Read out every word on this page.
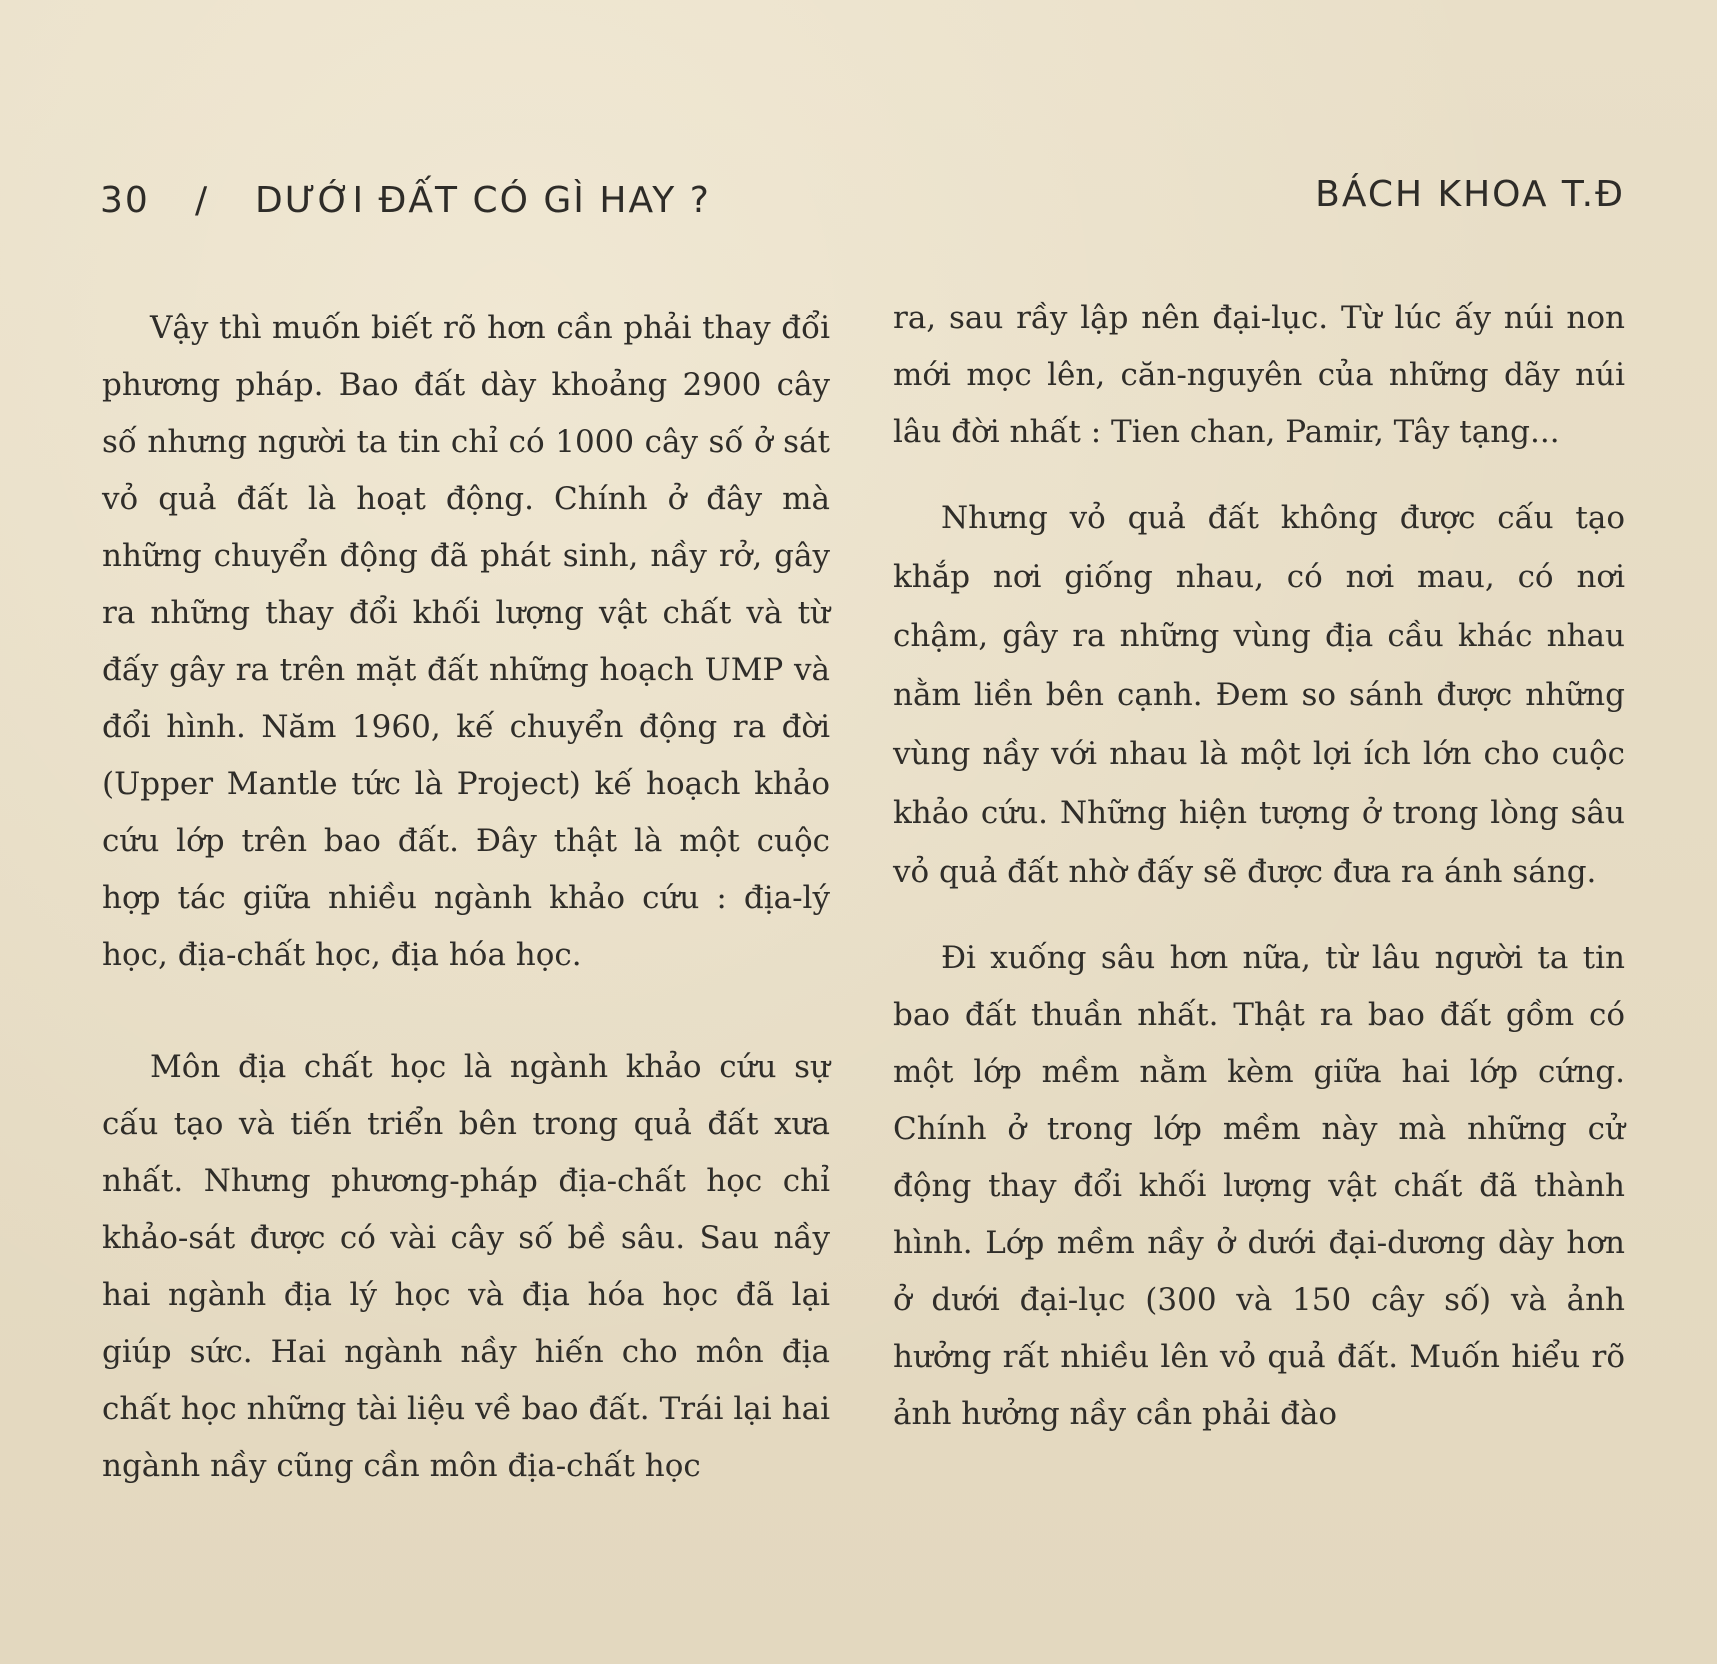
30 / DƯỚI ĐẤT CÓ GÌ HAY ?	BÁCH KHOA T.Đ

Vậy thì muốn biết rõ hơn cần phải thay đổi phương pháp. Bao đất dày khoảng 2900 cây số nhưng người ta tin chỉ có 1000 cây số ở sát vỏ quả đất là hoạt động. Chính ở đây mà những chuyển động đã phát sinh, nầy rở, gây ra những thay đổi khối lượng vật chất và từ đấy gây ra trên mặt đất những hoạch UMP và đổi hình. Năm 1960, kế chuyển động ra đời (Upper Mantle tức là Project) kế hoạch khảo cứu lớp trên bao đất. Đây thật là một cuộc hợp tác giữa nhiều ngành khảo cứu : địa-lý học, địa-chất học, địa hóa học.

Môn địa chất học là ngành khảo cứu sự cấu tạo và tiến triển bên trong quả đất xưa nhất. Nhưng phương-pháp địa-chất học chỉ khảo-sát được có vài cây số bề sâu. Sau nầy hai ngành địa lý học và địa hóa học đã lại giúp sức. Hai ngành nầy hiến cho môn địa chất học những tài liệu về bao đất. Trái lại hai ngành nầy cũng cần môn địa-chất học

ra, sau rầy lập nên đại-lục. Từ lúc ấy núi non mới mọc lên, căn-nguyên của những dãy núi lâu đời nhất : Tien chan, Pamir, Tây tạng...

Nhưng vỏ quả đất không được cấu tạo khắp nơi giống nhau, có nơi mau, có nơi chậm, gây ra những vùng địa cầu khác nhau nằm liền bên cạnh. Đem so sánh được những vùng nầy với nhau là một lợi ích lớn cho cuộc khảo cứu. Những hiện tượng ở trong lòng sâu vỏ quả đất nhờ đấy sẽ được đưa ra ánh sáng.

Đi xuống sâu hơn nữa, từ lâu người ta tin bao đất thuần nhất. Thật ra bao đất gồm có một lớp mềm nằm kèm giữa hai lớp cứng. Chính ở trong lớp mềm này mà những cử động thay đổi khối lượng vật chất đã thành hình. Lớp mềm nầy ở dưới đại-dương dày hơn ở dưới đại-lục (300 và 150 cây số) và ảnh hưởng rất nhiều lên vỏ quả đất. Muốn hiểu rõ ảnh hưởng nầy cần phải đào
